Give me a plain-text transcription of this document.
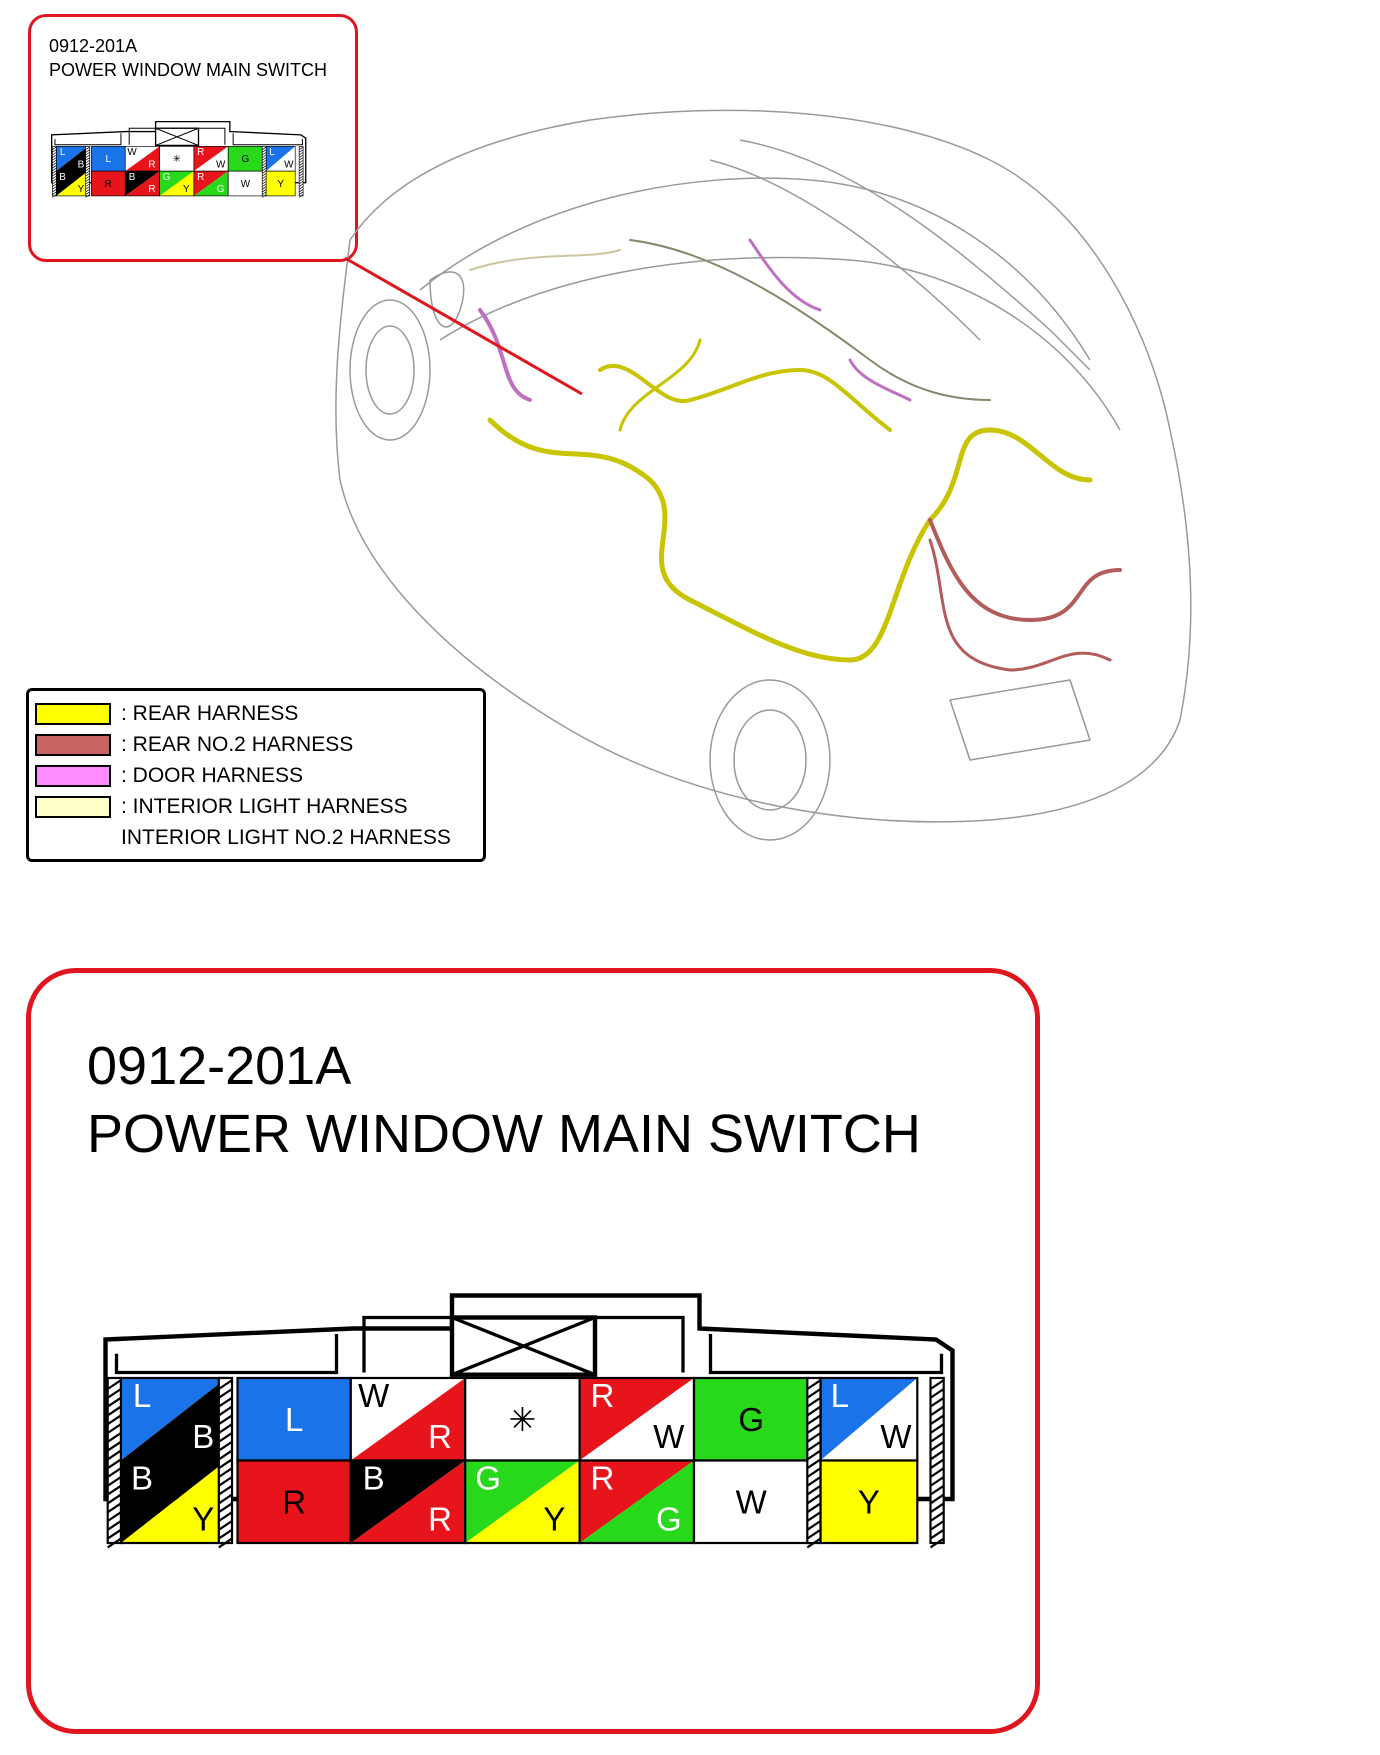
0912-201A
POWER WINDOW MAIN SWITCH
L
B L
W
R ✳
R
W G
L
W
B
Y R
B
R
G
Y
R
G W Y
: REAR HARNESS
: REAR NO.2 HARNESS
: DOOR HARNESS
: INTERIOR LIGHT HARNESS
INTERIOR LIGHT NO.2 HARNESS
0912-201A
POWER WINDOW MAIN SWITCH
L
B L
W
R ✳
R
W G
L
W
B
Y R
B
R
G
Y
R
G W	Y
